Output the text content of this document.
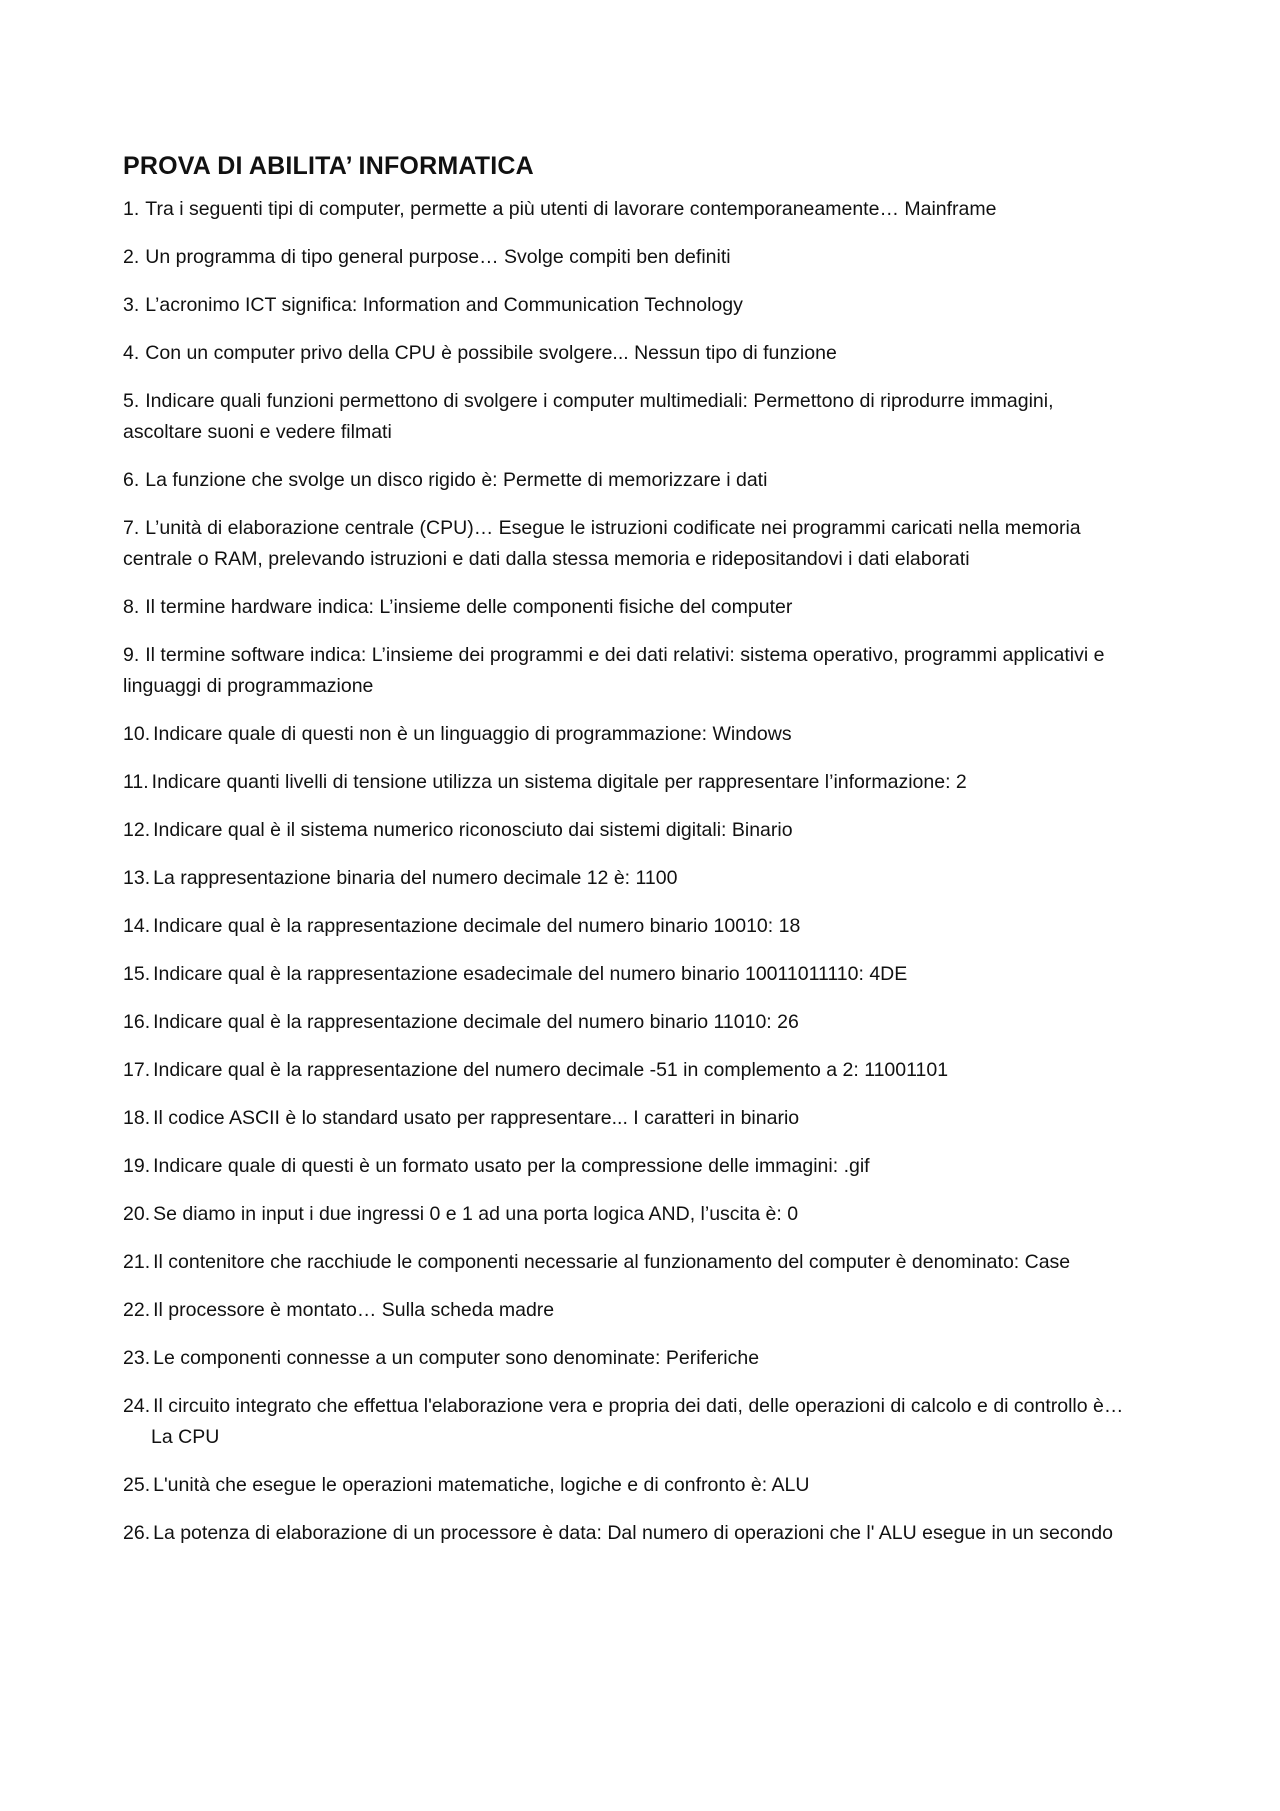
PROVA DI ABILITA’ INFORMATICA
1. Tra i seguenti tipi di computer, permette a più utenti di lavorare contemporaneamente… Mainframe
2. Un programma di tipo general purpose… Svolge compiti ben definiti
3. L’acronimo ICT significa: Information and Communication Technology
4. Con un computer privo della CPU è possibile svolgere... Nessun tipo di funzione
5. Indicare quali funzioni permettono di svolgere i computer multimediali: Permettono di riprodurre immagini, ascoltare suoni e vedere filmati
6. La funzione che svolge un disco rigido è: Permette di memorizzare i dati
7. L’unità di elaborazione centrale (CPU)… Esegue le istruzioni codificate nei programmi caricati nella memoria centrale o RAM, prelevando istruzioni e dati dalla stessa memoria e ridepositandovi i dati elaborati
8. Il termine hardware indica: L’insieme delle componenti fisiche del computer
9. Il termine software indica: L’insieme dei programmi e dei dati relativi: sistema operativo, programmi applicativi e linguaggi di programmazione
10. Indicare quale di questi non è un linguaggio di programmazione: Windows
11. Indicare quanti livelli di tensione utilizza un sistema digitale per rappresentare l’informazione: 2
12. Indicare qual è il sistema numerico riconosciuto dai sistemi digitali: Binario
13. La rappresentazione binaria del numero decimale 12 è: 1100
14. Indicare qual è la rappresentazione decimale del numero binario 10010: 18
15. Indicare qual è la rappresentazione esadecimale del numero binario 10011011110: 4DE
16. Indicare qual è la rappresentazione decimale del numero binario 11010: 26
17. Indicare qual è la rappresentazione del numero decimale -51 in complemento a 2: 11001101
18. Il codice ASCII è lo standard usato per rappresentare... I caratteri in binario
19. Indicare quale di questi è un formato usato per la compressione delle immagini: .gif
20. Se diamo in input i due ingressi 0 e 1 ad una porta logica AND, l’uscita è: 0
21. Il contenitore che racchiude le componenti necessarie al funzionamento del computer è denominato: Case
22. Il processore è montato… Sulla scheda madre
23. Le componenti connesse a un computer sono denominate: Periferiche
24. Il circuito integrato che effettua l'elaborazione vera e propria dei dati, delle operazioni di calcolo e di controllo è…La CPU
25. L'unità che esegue le operazioni matematiche, logiche e di confronto è: ALU
26. La potenza di elaborazione di un processore è data: Dal numero di operazioni che l' ALU esegue in un secondo
